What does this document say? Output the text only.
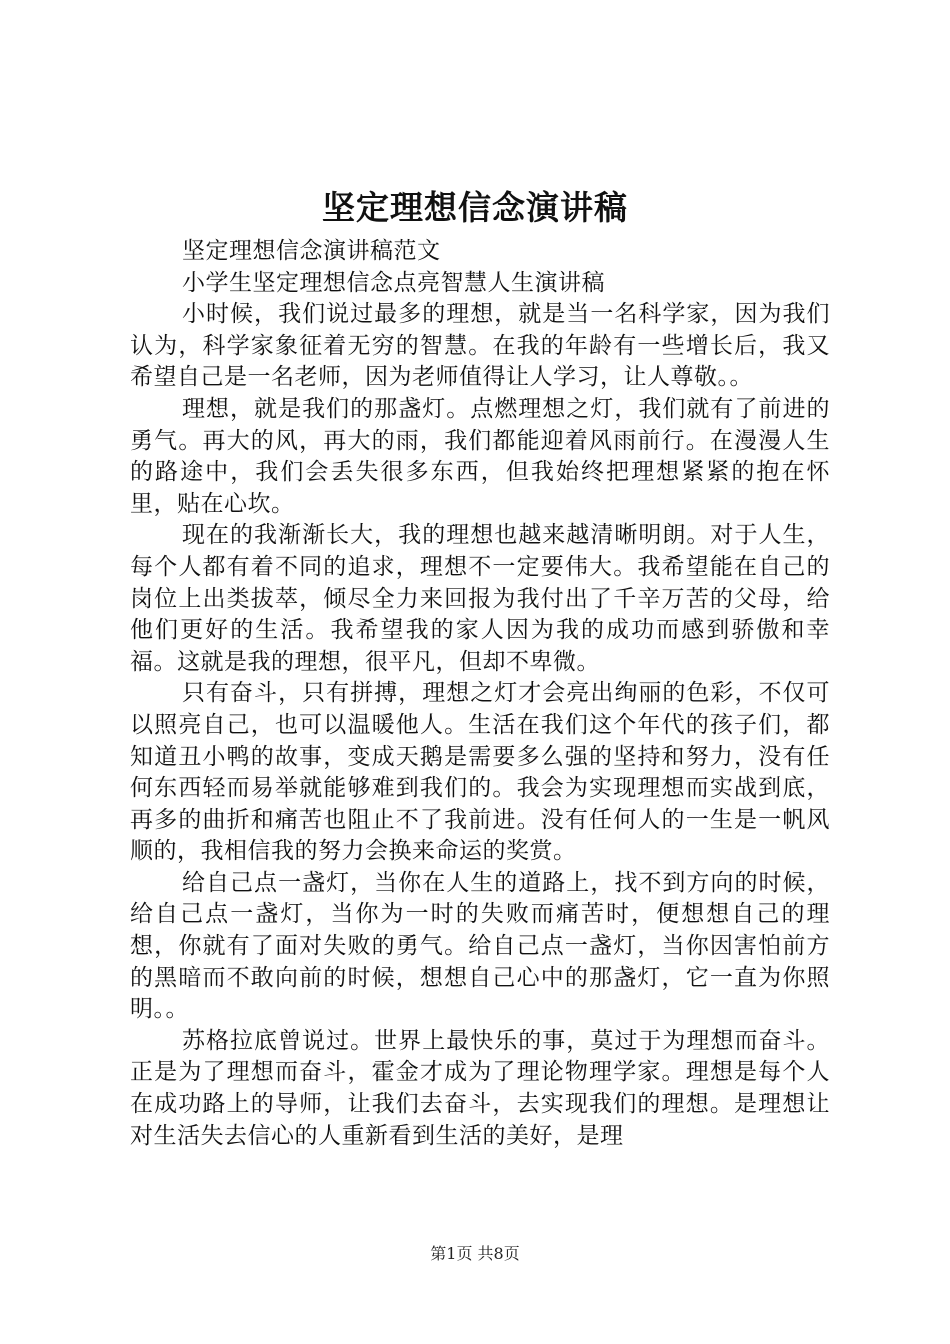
坚定理想信念演讲稿

坚定理想信念演讲稿范文

小学生坚定理想信念点亮智慧人生演讲稿

小时候，我们说过最多的理想，就是当一名科学家，因为我们认为，科学家象征着无穷的智慧。在我的年龄有一些增长后，我又希望自己是一名老师，因为老师值得让人学习，让人尊敬。。

理想，就是我们的那盏灯。点燃理想之灯，我们就有了前进的勇气。再大的风，再大的雨，我们都能迎着风雨前行。在漫漫人生的路途中，我们会丢失很多东西，但我始终把理想紧紧的抱在怀里，贴在心坎。

现在的我渐渐长大，我的理想也越来越清晰明朗。对于人生，每个人都有着不同的追求，理想不一定要伟大。我希望能在自己的岗位上出类拔萃，倾尽全力来回报为我付出了千辛万苦的父母，给他们更好的生活。我希望我的家人因为我的成功而感到骄傲和幸福。这就是我的理想，很平凡，但却不卑微。

只有奋斗，只有拼搏，理想之灯才会亮出绚丽的色彩，不仅可以照亮自己，也可以温暖他人。生活在我们这个年代的孩子们，都知道丑小鸭的故事，变成天鹅是需要多么强的坚持和努力，没有任何东西轻而易举就能够难到我们的。我会为实现理想而实战到底，再多的曲折和痛苦也阻止不了我前进。没有任何人的一生是一帆风顺的，我相信我的努力会换来命运的奖赏。

给自己点一盏灯，当你在人生的道路上，找不到方向的时候，给自己点一盏灯，当你为一时的失败而痛苦时，便想想自己的理想，你就有了面对失败的勇气。给自己点一盏灯，当你因害怕前方的黑暗而不敢向前的时候，想想自己心中的那盏灯，它一直为你照明。。

苏格拉底曾说过。世界上最快乐的事，莫过于为理想而奋斗。正是为了理想而奋斗，霍金才成为了理论物理学家。理想是每个人在成功路上的导师，让我们去奋斗，去实现我们的理想。是理想让对生活失去信心的人重新看到生活的美好，是理

第1页 共8页
